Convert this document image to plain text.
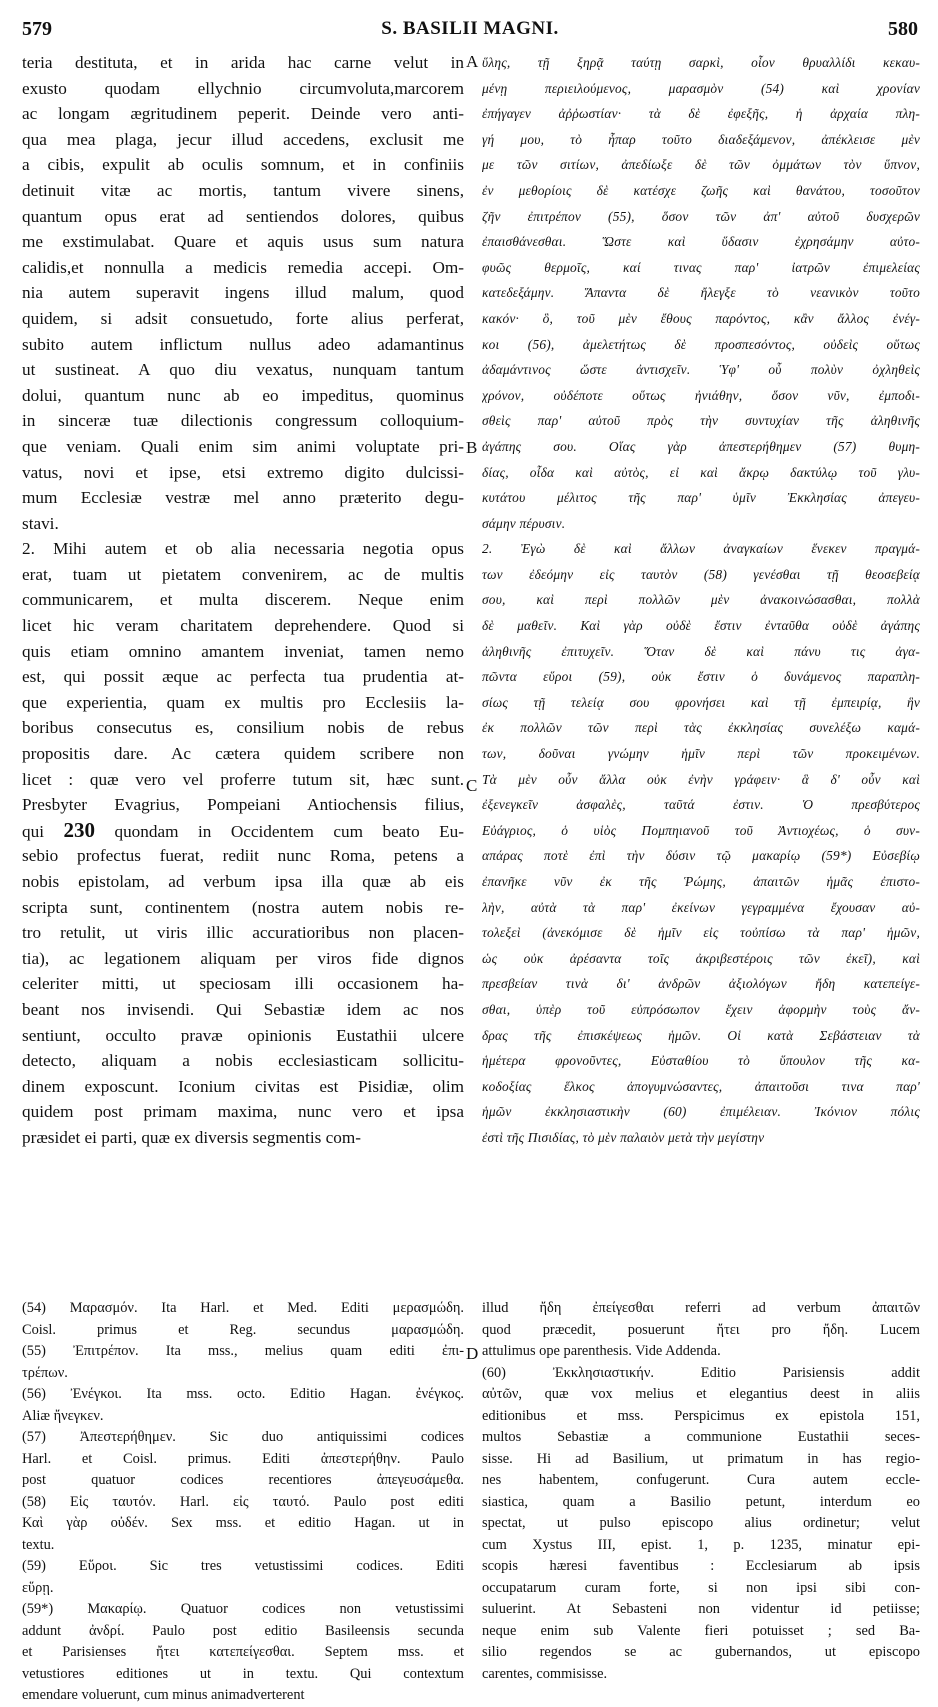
579	S. BASILII MAGNI.	580
teria destituta, et in arida hac carne velut in
exusto quodam ellychnio circumvoluta,marcorem
ac longam ægritudinem peperit. Deinde vero anti-
qua mea plaga, jecur illud accedens, exclusit me
a cibis, expulit ab oculis somnum, et in confiniis
detinuit vitæ ac mortis, tantum vivere sinens,
quantum opus erat ad sentiendos dolores, quibus
me exstimulabat. Quare et aquis usus sum natura
calidis,et nonnulla a medicis remedia accepi. Om-
nia autem superavit ingens illud malum, quod
quidem, si adsit consuetudo, forte alius perferat,
subito autem inflictum nullus adeo adamantinus
ut sustineat. A quo diu vexatus, nunquam tantum
dolui, quantum nunc ab eo impeditus, quominus
in sinceræ tuæ dilectionis congressum colloquium-
que veniam. Quali enim sim animi voluptate pri-
vatus, novi et ipse, etsi extremo digito dulcissi-
mum Ecclesiæ vestræ mel anno præterito degu-
stavi.
2. Mihi autem et ob alia necessaria negotia opus
erat, tuam ut pietatem convenirem, ac de multis
communicarem, et multa discerem. Neque enim
licet hic veram charitatem deprehendere. Quod si
quis etiam omnino amantem inveniat, tamen nemo
est, qui possit æque ac perfecta tua prudentia at-
que experientia, quam ex multis pro Ecclesiis la-
boribus consecutus es, consilium nobis de rebus
propositis dare. Ac cætera quidem scribere non
licet : quæ vero vel proferre tutum sit, hæc sunt.
Presbyter Evagrius, Pompeiani Antiochensis filius,
qui 230 quondam in Occidentem cum beato Eu-
sebio profectus fuerat, rediit nunc Roma, petens a
nobis epistolam, ad verbum ipsa illa quæ ab eis
scripta sunt, continentem (nostra autem nobis re-
tro retulit, ut viris illic accuratioribus non placen-
tia), ac legationem aliquam per viros fide dignos
celeriter mitti, ut speciosam illi occasionem ha-
beant nos invisendi. Qui Sebastiæ idem ac nos
sentiunt, occulto pravæ opinionis Eustathii ulcere
detecto, aliquam a nobis ecclesiasticam sollicitu-
dinem exposcunt. Iconium civitas est Pisidiæ, olim
quidem post primam maxima, nunc vero et ipsa
præsidet ei parti, quæ ex diversis segmentis com-
ὕλης, τῇ ξηρᾷ ταύτῃ σαρκὶ, οἷον θρυαλλίδι κεκαυ-
μένῃ περιειλούμενος, μαρασμὸν (54) καὶ χρονίαν
ἐπήγαγεν ἀῤῥωστίαν· τὰ δὲ ἐφεξῆς, ἡ ἀρχαία πλη-
γή μου, τὸ ἧπαρ τοῦτο διαδεξάμενον, ἀπέκλεισε μὲν
με τῶν σιτίων, ἀπεδίωξε δὲ τῶν ὀμμάτων τὸν ὕπνον,
ἐν μεθορίοις δὲ κατέσχε ζωῆς καὶ θανάτου, τοσοῦτον
ζῆν ἐπιτρέπον (55), ὅσον τῶν ἀπ' αὐτοῦ δυσχερῶν
ἐπαισθάνεσθαι. Ὥστε καὶ ὕδασιν ἐχρησάμην αὐτο-
φυῶς θερμοῖς, καί τινας παρ' ἰατρῶν ἐπιμελείας
κατεδεξάμην. Ἅπαντα δὲ ἤλεγξε τὸ νεανικὸν τοῦτο
κακόν· ὃ, τοῦ μὲν ἔθους παρόντος, κἂν ἄλλος ἐνέγ-
κοι (56), ἀμελετήτως δὲ προσπεσόντος, οὐδεὶς οὕτως
ἀδαμάντινος ὥστε ἀντισχεῖν. Ὑφ' οὗ πολὺν ὀχληθεὶς
χρόνον, οὐδέποτε οὕτως ἠνιάθην, ὅσον νῦν, ἐμποδι-
σθεὶς παρ' αὐτοῦ πρὸς τὴν συντυχίαν τῆς ἀληθινῆς
ἀγάπης σου. Οἵας γὰρ ἀπεστερήθημεν (57) θυμη-
δίας, οἶδα καὶ αὐτὸς, εἰ καὶ ἄκρῳ δακτύλῳ τοῦ γλυ-
κυτάτου μέλιτος τῆς παρ' ὑμῖν Ἐκκλησίας ἀπεγευ-
σάμην πέρυσιν.
2. Ἐγὼ δὲ καὶ ἄλλων ἀναγκαίων ἕνεκεν πραγμά-
των ἐδεόμην εἰς ταυτὸν (58) γενέσθαι τῇ θεοσεβείᾳ
σου, καὶ περὶ πολλῶν μὲν ἀνακοινώσασθαι, πολλὰ
δὲ μαθεῖν. Καὶ γὰρ οὐδὲ ἔστιν ἐνταῦθα οὐδὲ ἀγάπης
ἀληθινῆς ἐπιτυχεῖν. Ὅταν δὲ καὶ πάνυ τις ἀγα-
πῶντα εὕροι (59), οὐκ ἔστιν ὁ δυνάμενος παραπλη-
σίως τῇ τελείᾳ σου φρονήσει καὶ τῇ ἐμπειρίᾳ, ἣν
ἐκ πολλῶν τῶν περὶ τὰς ἐκκλησίας συνελέξω καμά-
των, δοῦναι γνώμην ἡμῖν περὶ τῶν προκειμένων.
Τὰ μὲν οὖν ἄλλα οὐκ ἐνὴν γράφειν· ἃ δ' οὖν καὶ
ἐξενεγκεῖν ἀσφαλὲς, ταῦτά ἐστιν. Ὁ πρεσβύτερος
Εὐάγριος, ὁ υἱὸς Πομπηιανοῦ τοῦ Ἀντιοχέως, ὁ συν-
απάρας ποτὲ ἐπὶ τὴν δύσιν τῷ μακαρίῳ (59*) Εὐσεβίῳ
ἐπανῆκε νῦν ἐκ τῆς Ῥώμης, ἀπαιτῶν ἡμᾶς ἐπιστο-
λὴν, αὐτὰ τὰ παρ' ἐκείνων γεγραμμένα ἔχουσαν αὐ-
τολεξεὶ (ἀνεκόμισε δὲ ἡμῖν εἰς τοὐπίσω τὰ παρ' ἡμῶν,
ὡς οὐκ ἀρέσαντα τοῖς ἀκριβεστέροις τῶν ἐκεῖ), καὶ
πρεσβείαν τινὰ δι' ἀνδρῶν ἀξιολόγων ἤδη κατεπείγε-
σθαι, ὑπὲρ τοῦ εὐπρόσωπον ἔχειν ἀφορμὴν τοὺς ἄν-
δρας τῆς ἐπισκέψεως ἡμῶν. Οἱ κατὰ Σεβάστειαν τὰ
ἡμέτερα φρονοῦντες, Εὐσταθίου τὸ ὕπουλον τῆς κα-
κοδοξίας ἕλκος ἀπογυμνώσαντες, ἀπαιτοῦσι τινα παρ'
ἡμῶν ἐκκλησιαστικὴν (60) ἐπιμέλειαν. Ἰκόνιον πόλις
ἐστὶ τῆς Πισιδίας, τὸ μὲν παλαιὸν μετὰ τὴν μεγίστην
A
B
C
D
(54) Μαρασμόν. Ita Harl. et Med. Editi μερασμώδη.
Coisl. primus et Reg. secundus μαρασμώδη.
(55) Ἐπιτρέπον. Ita mss., melius quam editi ἐπι-
τρέπων.
(56) Ἐνέγκοι. Ita mss. octo. Editio Hagan. ἐνέγκος.
Aliæ ἤνεγκεν.
(57) Ἀπεστερήθημεν. Sic duo antiquissimi codices
Harl. et Coisl. primus. Editi ἀπεστερήθην. Paulo
post quatuor codices recentiores ἀπεγευσάμεθα.
(58) Εἰς ταυτόν. Harl. εἰς ταυτό. Paulo post editi
Καὶ γὰρ οὐδέν. Sex mss. et editio Hagan. ut in
textu.
(59) Εὕροι. Sic tres vetustissimi codices. Editi
εὕρῃ.
(59*) Μακαρίῳ. Quatuor codices non vetustissimi
addunt ἀνδρί. Paulo post editio Basileensis secunda
et Parisienses ἤτει κατεπείγεσθαι. Septem mss. et
vetustiores editiones ut in textu. Qui contextum
emendare voluerunt, cum minus animadverterent
illud ἤδη ἐπείγεσθαι referri ad verbum ἀπαιτῶν
quod præcedit, posuerunt ἤτει pro ἤδη. Lucem
attulimus ope parenthesis. Vide Addenda.
(60) Ἐκκλησιαστικήν. Editio Parisiensis addit
αὐτῶν, quæ vox melius et elegantius deest in aliis
editionibus et mss. Perspicimus ex epistola 151,
multos Sebastiæ a communione Eustathii seces-
sisse. Hi ad Basilium, ut primatum in has regio-
nes habentem, confugerunt. Cura autem eccle-
siastica, quam a Basilio petunt, interdum eo
spectat, ut pulso episcopo alius ordinetur; velut
cum Xystus III, epist. 1, p. 1235, minatur epi-
scopis hæresi faventibus : Ecclesiarum ab ipsis
occupatarum curam forte, si non ipsi sibi con-
suluerint. At Sebasteni non videntur id petiisse;
neque enim sub Valente fieri potuisset ; sed Ba-
silio regendos se ac gubernandos, ut episcopo
carentes, commisisse.
